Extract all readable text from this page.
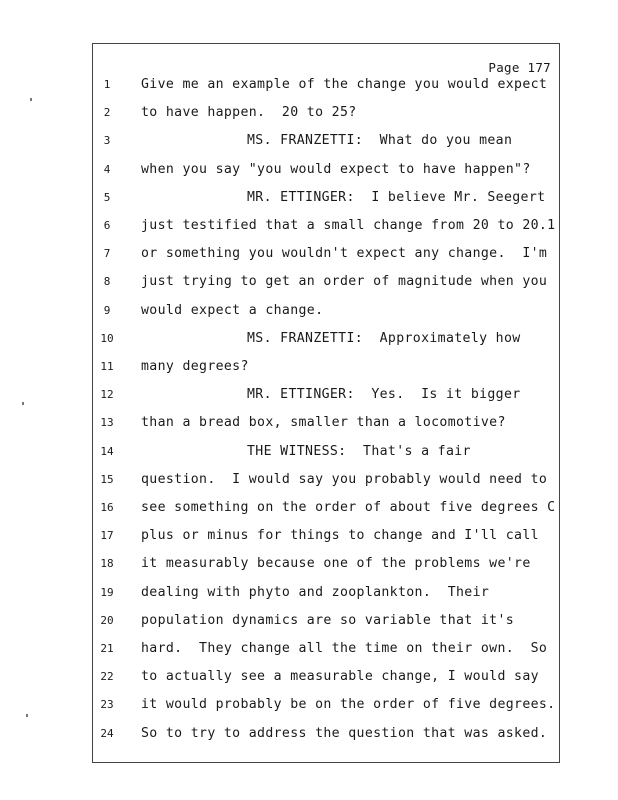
Page 177
1
2
3
4
5
6
7
8
9
10
11
12
13
14
15
16
17
18
19
20
21
22
23
24
Give me an example of the change you would expect
to have happen.  20 to 25?
MS. FRANZETTI:  What do you mean
when you say "you would expect to have happen"?
MR. ETTINGER:  I believe Mr. Seegert
just testified that a small change from 20 to 20.1
or something you wouldn't expect any change.  I'm
just trying to get an order of magnitude when you
would expect a change.
MS. FRANZETTI:  Approximately how
many degrees?
MR. ETTINGER:  Yes.  Is it bigger
than a bread box, smaller than a locomotive?
THE WITNESS:  That's a fair
question.  I would say you probably would need to
see something on the order of about five degrees C
plus or minus for things to change and I'll call
it measurably because one of the problems we're
dealing with phyto and zooplankton.  Their
population dynamics are so variable that it's
hard.  They change all the time on their own.  So
to actually see a measurable change, I would say
it would probably be on the order of five degrees.
So to try to address the question that was asked.
